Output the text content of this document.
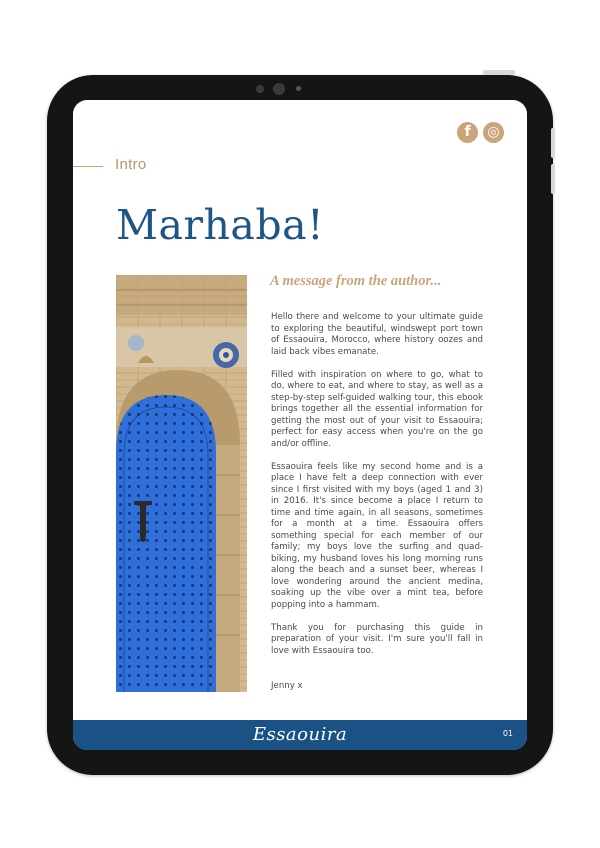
f	◎
Intro
Marhaba!
A message from the author...

Hello there and welcome to your ultimate guide to exploring the beautiful, windswept port town of Essaouira, Morocco, where history oozes and laid back vibes emanate.

Filled with inspiration on where to go, what to do, where to eat, and where to stay, as well as a step-by-step self-guided walking tour, this ebook brings together all the essential information for getting the most out of your visit to Essaouira; perfect for easy access when you're on the go and/or offline.

Essaouira feels like my second home and is a place I have felt a deep connection with ever since I first visited with my boys (aged 1 and 3) in 2016. It's since become a place I return to time and time again, in all seasons, sometimes for a month at a time. Essaouira offers something special for each member of our family; my boys love the surfing and quad-biking, my husband loves his long morning runs along the beach and a sunset beer, whereas I love wondering around the ancient medina, soaking up the vibe over a mint tea, before popping into a hammam.

Thank you for purchasing this guide in preparation of your visit. I'm sure you'll fall in love with Essaouira too.

Jenny x
Essaouira	01
